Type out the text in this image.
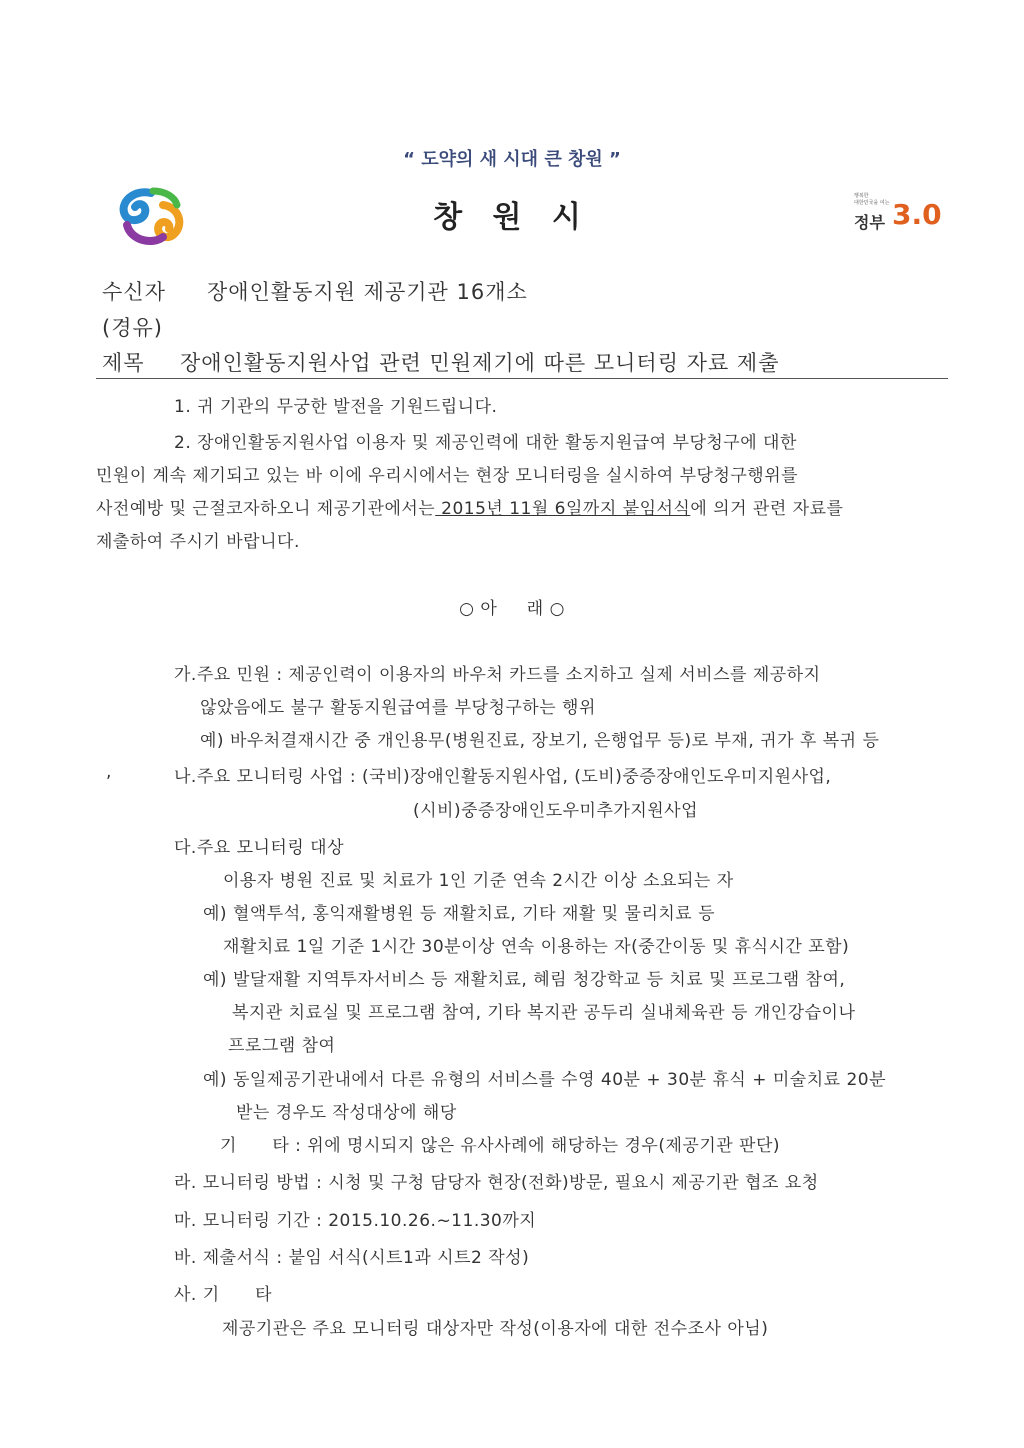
“ 도약의 새 시대 큰 창원 ”
창 원 시
행복한
대한민국을 여는
정부 3.0
수신자 장애인활동지원 제공기관 16개소
(경유)
제목 장애인활동지원사업 관련 민원제기에 따른 모니터링 자료 제출
1. 귀 기관의 무궁한 발전을 기원드립니다.
2. 장애인활동지원사업 이용자 및 제공인력에 대한 활동지원급여 부당청구에 대한
민원이 계속 제기되고 있는 바 이에 우리시에서는 현장 모니터링을 실시하여 부당청구행위를
사전예방 및 근절코자하오니 제공기관에서는 2015년 11월 6일까지 붙임서식에 의거 관련 자료를
제출하여 주시기 바랍니다.
○ 아     래 ○
가.주요 민원 : 제공인력이 이용자의 바우처 카드를 소지하고 실제 서비스를 제공하지
않았음에도 불구 활동지원급여를 부당청구하는 행위
예) 바우처결재시간 중 개인용무(병원진료, 장보기, 은행업무 등)로 부재, 귀가 후 복귀 등
,	나.주요 모니터링 사업 : (국비)장애인활동지원사업, (도비)중증장애인도우미지원사업,
(시비)중증장애인도우미추가지원사업
다.주요 모니터링 대상
이용자 병원 진료 및 치료가 1인 기준 연속 2시간 이상 소요되는 자
예) 혈액투석, 홍익재활병원 등 재활치료, 기타 재활 및 물리치료 등
재활치료 1일 기준 1시간 30분이상 연속 이용하는 자(중간이동 및 휴식시간 포함)
예) 발달재활 지역투자서비스 등 재활치료, 혜림 청강학교 등 치료 및 프로그램 참여,
복지관 치료실 및 프로그램 참여, 기타 복지관 공두리 실내체육관 등 개인강습이나
프로그램 참여
예) 동일제공기관내에서 다른 유형의 서비스를 수영 40분 + 30분 휴식 + 미술치료 20분
받는 경우도 작성대상에 해당
기      타 : 위에 명시되지 않은 유사사례에 해당하는 경우(제공기관 판단)
라. 모니터링 방법 : 시청 및 구청 담당자 현장(전화)방문, 필요시 제공기관 협조 요청
마. 모니터링 기간 : 2015.10.26.~11.30까지
바. 제출서식 : 붙임 서식(시트1과 시트2 작성)
사. 기      타
제공기관은 주요 모니터링 대상자만 작성(이용자에 대한 전수조사 아님)
